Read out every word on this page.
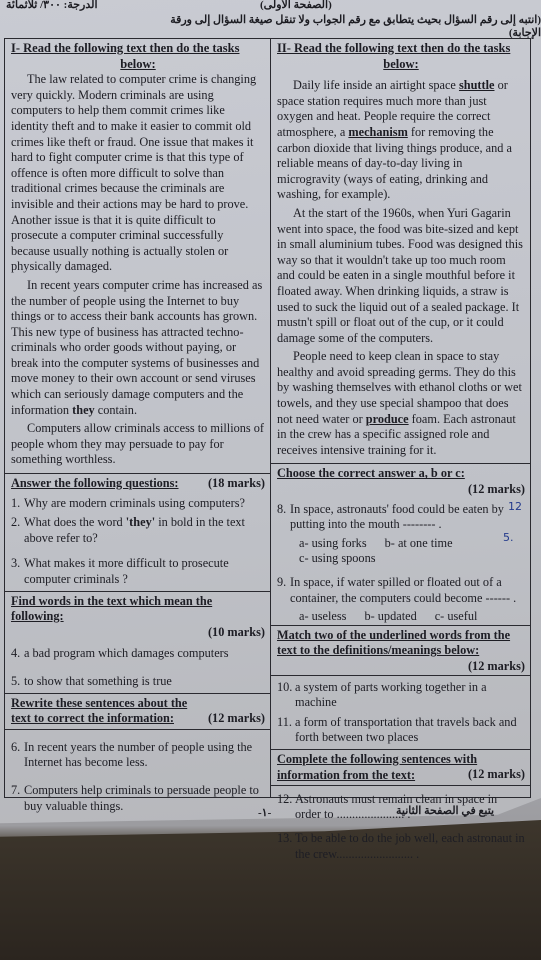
الدرجة: ٣٠٠/ ثلاثمائة	(الصفحة الأولى)
(انتبه إلى رقم السؤال بحيث يتطابق مع رقم الجواب ولا تنقل صيغة السؤال إلى ورقة الإجابة)

I- Read the following text then do the tasks

below:

The law related to computer crime is changing very quickly. Modern criminals are using computers to help them commit crimes like identity theft and to make it easier to commit old crimes like theft or fraud. One issue that makes it hard to fight computer crime is that this type of offence is often more difficult to solve than traditional crimes because the criminals are invisible and their actions may be hard to prove. Another issue is that it is quite difficult to prosecute a computer criminal successfully because usually nothing is actually stolen or physically damaged.

In recent years computer crime has increased as the number of people using the Internet to buy things or to access their bank accounts has grown. This new type of business has attracted techno-criminals who order goods without paying, or break into the computer systems of businesses and move money to their own account or send viruses which can seriously damage computers and the information they contain.

Computers allow criminals access to millions of people whom they may persuade to pay for something worthless.

Answer the following questions: (18 marks)
1. Why are modern criminals using computers?
2. What does the word 'they' in bold in the text above refer to?
3. What makes it more difficult to prosecute computer criminals ?
Find words in the text which mean the following:
(10 marks)
4. a bad program which damages computers
5. to show that something is true
Rewrite these sentences about the text to correct the information:	(12 marks)
6. In recent years the number of people using the Internet has become less.
7. Computers help criminals to persuade people to buy valuable things.

II- Read the following text then do the tasks

below:

Daily life inside an airtight space shuttle or space station requires much more than just oxygen and heat. People require the correct atmosphere, a mechanism for removing the carbon dioxide that living things produce, and a reliable means of day-to-day living in microgravity (ways of eating, drinking and washing, for example).

At the start of the 1960s, when Yuri Gagarin went into space, the food was bite-sized and kept in small aluminium tubes. Food was designed this way so that it wouldn't take up too much room and could be eaten in a single mouthful before it floated away. When drinking liquids, a straw is used to suck the liquid out of a sealed package. It mustn't spill or float out of the cup, or it could damage some of the computers.

People need to keep clean in space to stay healthy and avoid spreading germs. They do this by washing themselves with ethanol cloths or wet towels, and they use special shampoo that does not need water or produce foam. Each astronaut in the crew has a specific assigned role and receives intensive training for it.

Choose the correct answer a, b or c:
(12 marks)
8. In space, astronauts' food could be eaten by putting into the mouth -------- .
a- using forks b- at one time
c- using spoons
9. In space, if water spilled or floated out of a container, the computers could become ------ .
a- useless b- updated c- useful
Match two of the underlined words from the text to the definitions/meanings below:
(12 marks)
10. a system of parts working together in a machine
11. a form of transportation that travels back and forth between two places
Complete the following sentences with information from the text:	(12 marks)
12. Astronauts must remain clean in space in order to ...................... .
13. To be able to do the job well, each astronaut in the crew......................... .
12
5.
-١-	يتبع في الصفحة الثانية
